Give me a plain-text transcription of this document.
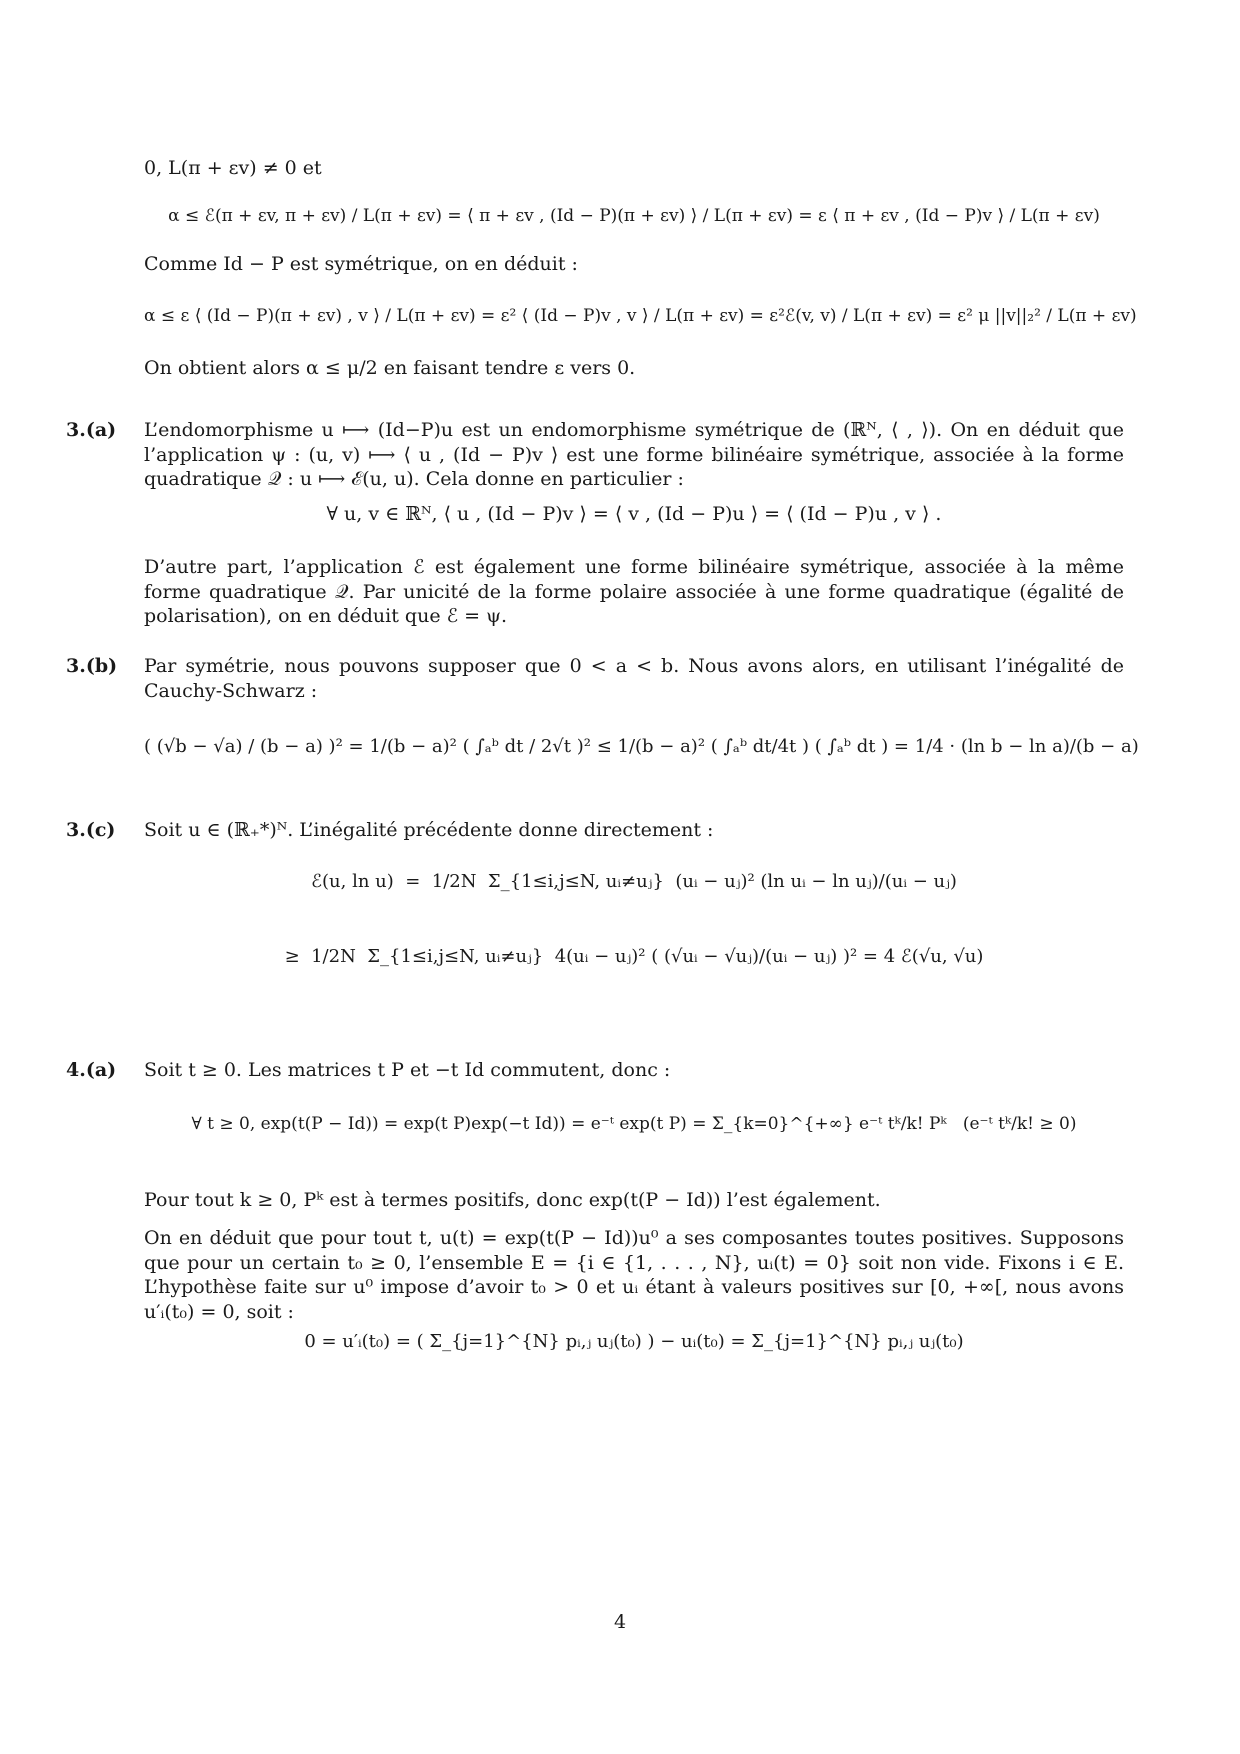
0, L(π + εv) ≠ 0 et
α ≤ ℰ(π + εv, π + εv) / L(π + εv) = ⟨ π + εv , (Id − P)(π + εv) ⟩ / L(π + εv) = ε ⟨ π + εv , (Id − P)v ⟩ / L(π + εv)
Comme Id − P est symétrique, on en déduit :
α ≤ ε ⟨ (Id − P)(π + εv) , v ⟩ / L(π + εv) = ε² ⟨ (Id − P)v , v ⟩ / L(π + εv) = ε²ℰ(v, v) / L(π + εv) = ε² μ ||v||₂² / L(π + εv)
On obtient alors α ≤ μ/2 en faisant tendre ε vers 0.
3.(a) L’endomorphisme u ⟼ (Id−P)u est un endomorphisme symétrique de (ℝᴺ, ⟨ , ⟩). On en déduit que l’application ψ : (u, v) ⟼ ⟨ u , (Id − P)v ⟩ est une forme bilinéaire symétrique, associée à la forme quadratique 𝒬 : u ⟼ ℰ(u, u). Cela donne en particulier :
∀ u, v ∈ ℝᴺ, ⟨ u , (Id − P)v ⟩ = ⟨ v , (Id − P)u ⟩ = ⟨ (Id − P)u , v ⟩ .
D’autre part, l’application ℰ est également une forme bilinéaire symétrique, associée à la même forme quadratique 𝒬. Par unicité de la forme polaire associée à une forme quadratique (égalité de polarisation), on en déduit que ℰ = ψ.
3.(b) Par symétrie, nous pouvons supposer que 0 < a < b. Nous avons alors, en utilisant l’inégalité de Cauchy-Schwarz :
( (√b − √a) / (b − a) )² = 1/(b − a)² ( ∫ₐᵇ dt / 2√t )² ≤ 1/(b − a)² ( ∫ₐᵇ dt/4t ) ( ∫ₐᵇ dt ) = 1/4 · (ln b − ln a)/(b − a)
3.(c) Soit u ∈ (ℝ₊*)ᴺ. L’inégalité précédente donne directement :
ℰ(u, ln u)  =  1/2N  Σ_{1≤i,j≤N, uᵢ≠uⱼ}  (uᵢ − uⱼ)² (ln uᵢ − ln uⱼ)/(uᵢ − uⱼ)
≥  1/2N  Σ_{1≤i,j≤N, uᵢ≠uⱼ}  4(uᵢ − uⱼ)² ( (√uᵢ − √uⱼ)/(uᵢ − uⱼ) )² = 4 ℰ(√u, √u)
4.(a) Soit t ≥ 0. Les matrices t P et −t Id commutent, donc :
∀ t ≥ 0, exp(t(P − Id)) = exp(t P)exp(−t Id)) = e⁻ᵗ exp(t P) = Σ_{k=0}^{+∞} e⁻ᵗ tᵏ/k! Pᵏ   (e⁻ᵗ tᵏ/k! ≥ 0)
Pour tout k ≥ 0, Pᵏ est à termes positifs, donc exp(t(P − Id)) l’est également.
On en déduit que pour tout t, u(t) = exp(t(P − Id))u⁰ a ses composantes toutes positives. Supposons que pour un certain t₀ ≥ 0, l’ensemble E = {i ∈ {1, . . . , N}, uᵢ(t) = 0} soit non vide. Fixons i ∈ E. L’hypothèse faite sur u⁰ impose d’avoir t₀ > 0 et uᵢ étant à valeurs positives sur [0, +∞[, nous avons u′ᵢ(t₀) = 0, soit :
0 = u′ᵢ(t₀) = ( Σ_{j=1}^{N} pᵢ,ⱼ uⱼ(t₀) ) − uᵢ(t₀) = Σ_{j=1}^{N} pᵢ,ⱼ uⱼ(t₀)
4
